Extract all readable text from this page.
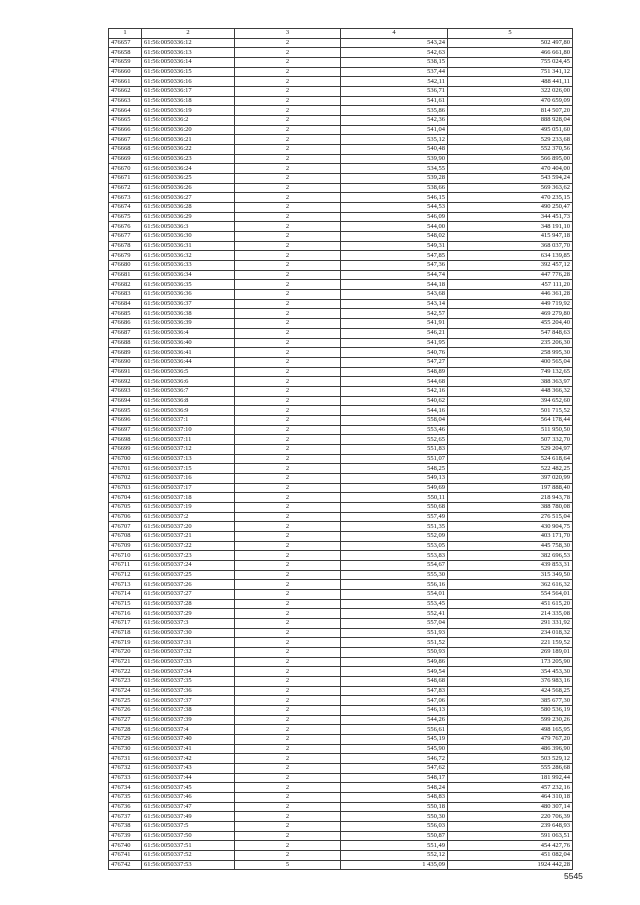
1	2	3	4	5
476657	61:56:0050336:12	2	543,24	502 497,80
476658	61:56:0050336:13	2	542,63	466 661,80
476659	61:56:0050336:14	2	538,15	755 024,45
476660	61:56:0050336:15	2	537,44	751 341,12
476661	61:56:0050336:16	2	542,11	488 441,11
476662	61:56:0050336:17	2	536,71	322 026,00
476663	61:56:0050336:18	2	541,61	470 659,09
476664	61:56:0050336:19	2	535,86	814 507,20
476665	61:56:0050336:2	2	542,36	888 928,04
476666	61:56:0050336:20	2	541,04	495 051,60
476667	61:56:0050336:21	2	535,12	529 233,68
476668	61:56:0050336:22	2	540,48	552 370,56
476669	61:56:0050336:23	2	539,90	566 895,00
476670	61:56:0050336:24	2	534,55	470 404,00
476671	61:56:0050336:25	2	539,28	543 594,24
476672	61:56:0050336:26	2	538,66	569 363,62
476673	61:56:0050336:27	2	546,15	470 235,15
476674	61:56:0050336:28	2	544,53	490 250,47
476675	61:56:0050336:29	2	546,09	344 451,73
476676	61:56:0050336:3	2	544,00	348 191,10
476677	61:56:0050336:30	2	548,02	415 947,18
476678	61:56:0050336:31	2	549,31	368 037,70
476679	61:56:0050336:32	2	547,85	634 139,85
476680	61:56:0050336:33	2	547,36	392 457,12
476681	61:56:0050336:34	2	544,74	447 776,28
476682	61:56:0050336:35	2	544,18	457 111,20
476683	61:56:0050336:36	2	543,68	446 361,28
476684	61:56:0050336:37	2	543,14	449 719,92
476685	61:56:0050336:38	2	542,57	469 279,80
476686	61:56:0050336:39	2	541,91	455 204,40
476687	61:56:0050336:4	2	546,21	547 848,63
476688	61:56:0050336:40	2	541,95	235 206,30
476689	61:56:0050336:41	2	540,76	258 995,30
476690	61:56:0050336:44	2	547,27	400 565,04
476691	61:56:0050336:5	2	548,89	749 132,65
476692	61:56:0050336:6	2	544,68	388 363,97
476693	61:56:0050336:7	2	542,16	448 366,32
476694	61:56:0050336:8	2	540,62	394 652,60
476695	61:56:0050336:9	2	544,16	501 715,52
476696	61:56:0050337:1	2	558,04	564 178,44
476697	61:56:0050337:10	2	553,46	511 950,50
476698	61:56:0050337:11	2	552,65	507 332,70
476699	61:56:0050337:12	2	551,83	529 204,97
476700	61:56:0050337:13	2	551,07	524 618,64
476701	61:56:0050337:15	2	548,25	522 482,25
476702	61:56:0050337:16	2	549,13	397 020,99
476703	61:56:0050337:17	2	549,69	197 888,40
476704	61:56:0050337:18	2	550,11	218 943,78
476705	61:56:0050337:19	2	550,68	388 780,08
476706	61:56:0050337:2	2	557,49	276 515,04
476707	61:56:0050337:20	2	551,35	430 904,75
476708	61:56:0050337:21	2	552,09	403 171,70
476709	61:56:0050337:22	2	553,05	445 758,30
476710	61:56:0050337:23	2	553,83	382 696,53
476711	61:56:0050337:24	2	554,67	439 853,31
476712	61:56:0050337:25	2	555,30	315 349,50
476713	61:56:0050337:26	2	556,16	362 616,32
476714	61:56:0050337:27	2	554,01	554 564,01
476715	61:56:0050337:28	2	553,45	451 615,20
476716	61:56:0050337:29	2	552,41	214 335,08
476717	61:56:0050337:3	2	557,04	291 331,92
476718	61:56:0050337:30	2	551,93	234 018,32
476719	61:56:0050337:31	2	551,52	221 159,52
476720	61:56:0050337:32	2	550,93	269 189,01
476721	61:56:0050337:33	2	549,86	173 205,90
476722	61:56:0050337:34	2	549,54	354 453,30
476723	61:56:0050337:35	2	548,68	376 983,16
476724	61:56:0050337:36	2	547,83	424 568,25
476725	61:56:0050337:37	2	547,06	385 677,30
476726	61:56:0050337:38	2	546,13	580 536,19
476727	61:56:0050337:39	2	544,26	599 230,26
476728	61:56:0050337:4	2	556,61	498 165,95
476729	61:56:0050337:40	2	545,19	479 767,20
476730	61:56:0050337:41	2	545,90	486 396,90
476731	61:56:0050337:42	2	546,72	503 529,12
476732	61:56:0050337:43	2	547,62	555 286,68
476733	61:56:0050337:44	2	548,17	181 992,44
476734	61:56:0050337:45	2	548,24	457 232,16
476735	61:56:0050337:46	2	548,83	464 310,18
476736	61:56:0050337:47	2	550,18	480 307,14
476737	61:56:0050337:49	2	550,30	220 706,39
476738	61:56:0050337:5	2	556,03	239 648,93
476739	61:56:0050337:50	2	550,87	591 063,51
476740	61:56:0050337:51	2	551,49	454 427,76
476741	61:56:0050337:52	2	552,12	451 082,04
476742	61:56:0050337:53	5	1 435,09	1924 442,28
5545
